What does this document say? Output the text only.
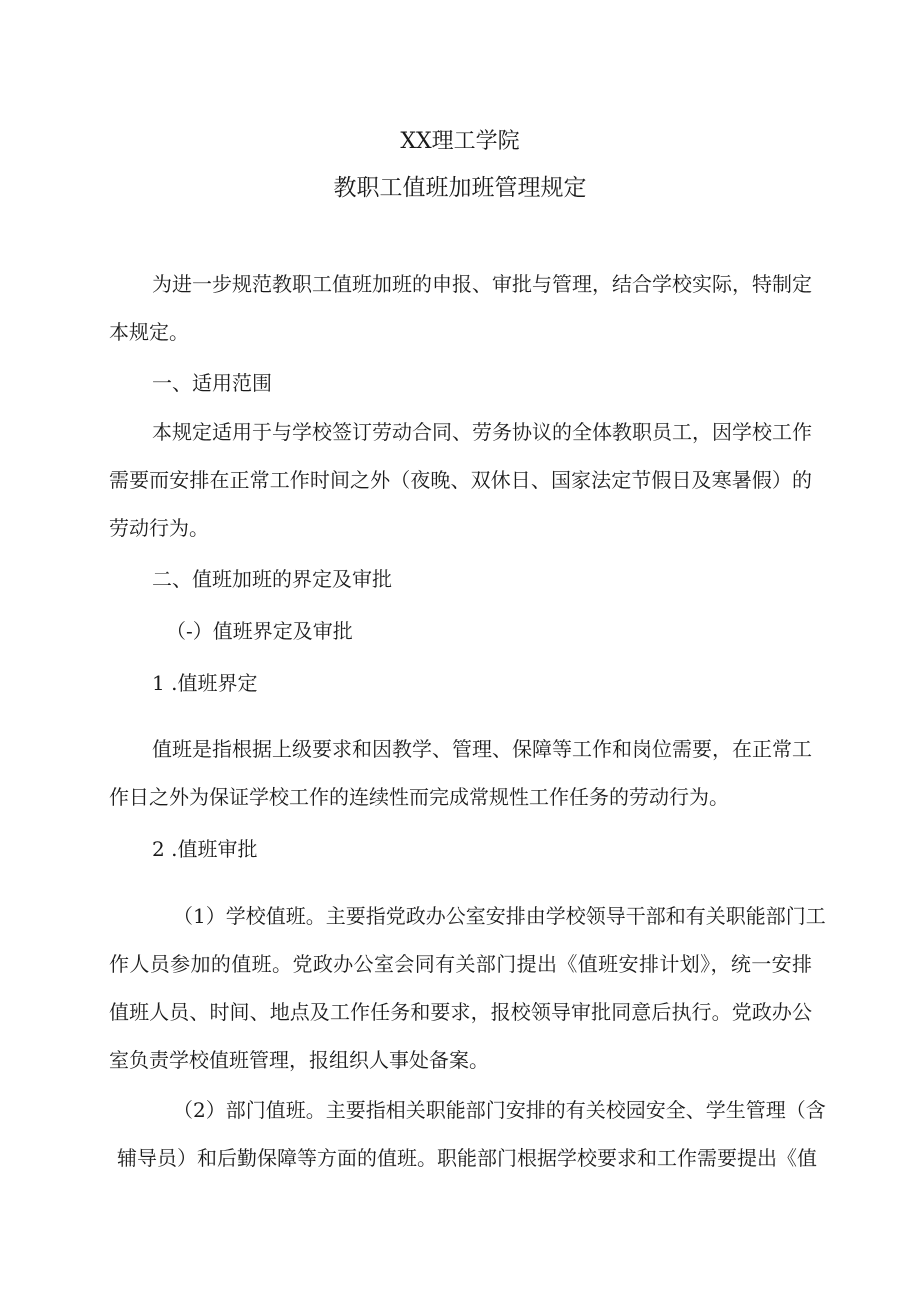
XX理工学院
教职工值班加班管理规定
为进一步规范教职工值班加班的申报、审批与管理，结合学校实际，特制定
本规定。
一、适用范围
本规定适用于与学校签订劳动合同、劳务协议的全体教职员工，因学校工作
需要而安排在正常工作时间之外（夜晚、双休日、国家法定节假日及寒暑假）的
劳动行为。
二、值班加班的界定及审批
（-）值班界定及审批
1 .值班界定
值班是指根据上级要求和因教学、管理、保障等工作和岗位需要，在正常工
作日之外为保证学校工作的连续性而完成常规性工作任务的劳动行为。
2 .值班审批
（1）学校值班。主要指党政办公室安排由学校领导干部和有关职能部门工
作人员参加的值班。党政办公室会同有关部门提出《值班安排计划》，统一安排
值班人员、时间、地点及工作任务和要求，报校领导审批同意后执行。党政办公
室负责学校值班管理，报组织人事处备案。
（2）部门值班。主要指相关职能部门安排的有关校园安全、学生管理（含
辅导员）和后勤保障等方面的值班。职能部门根据学校要求和工作需要提出《值
